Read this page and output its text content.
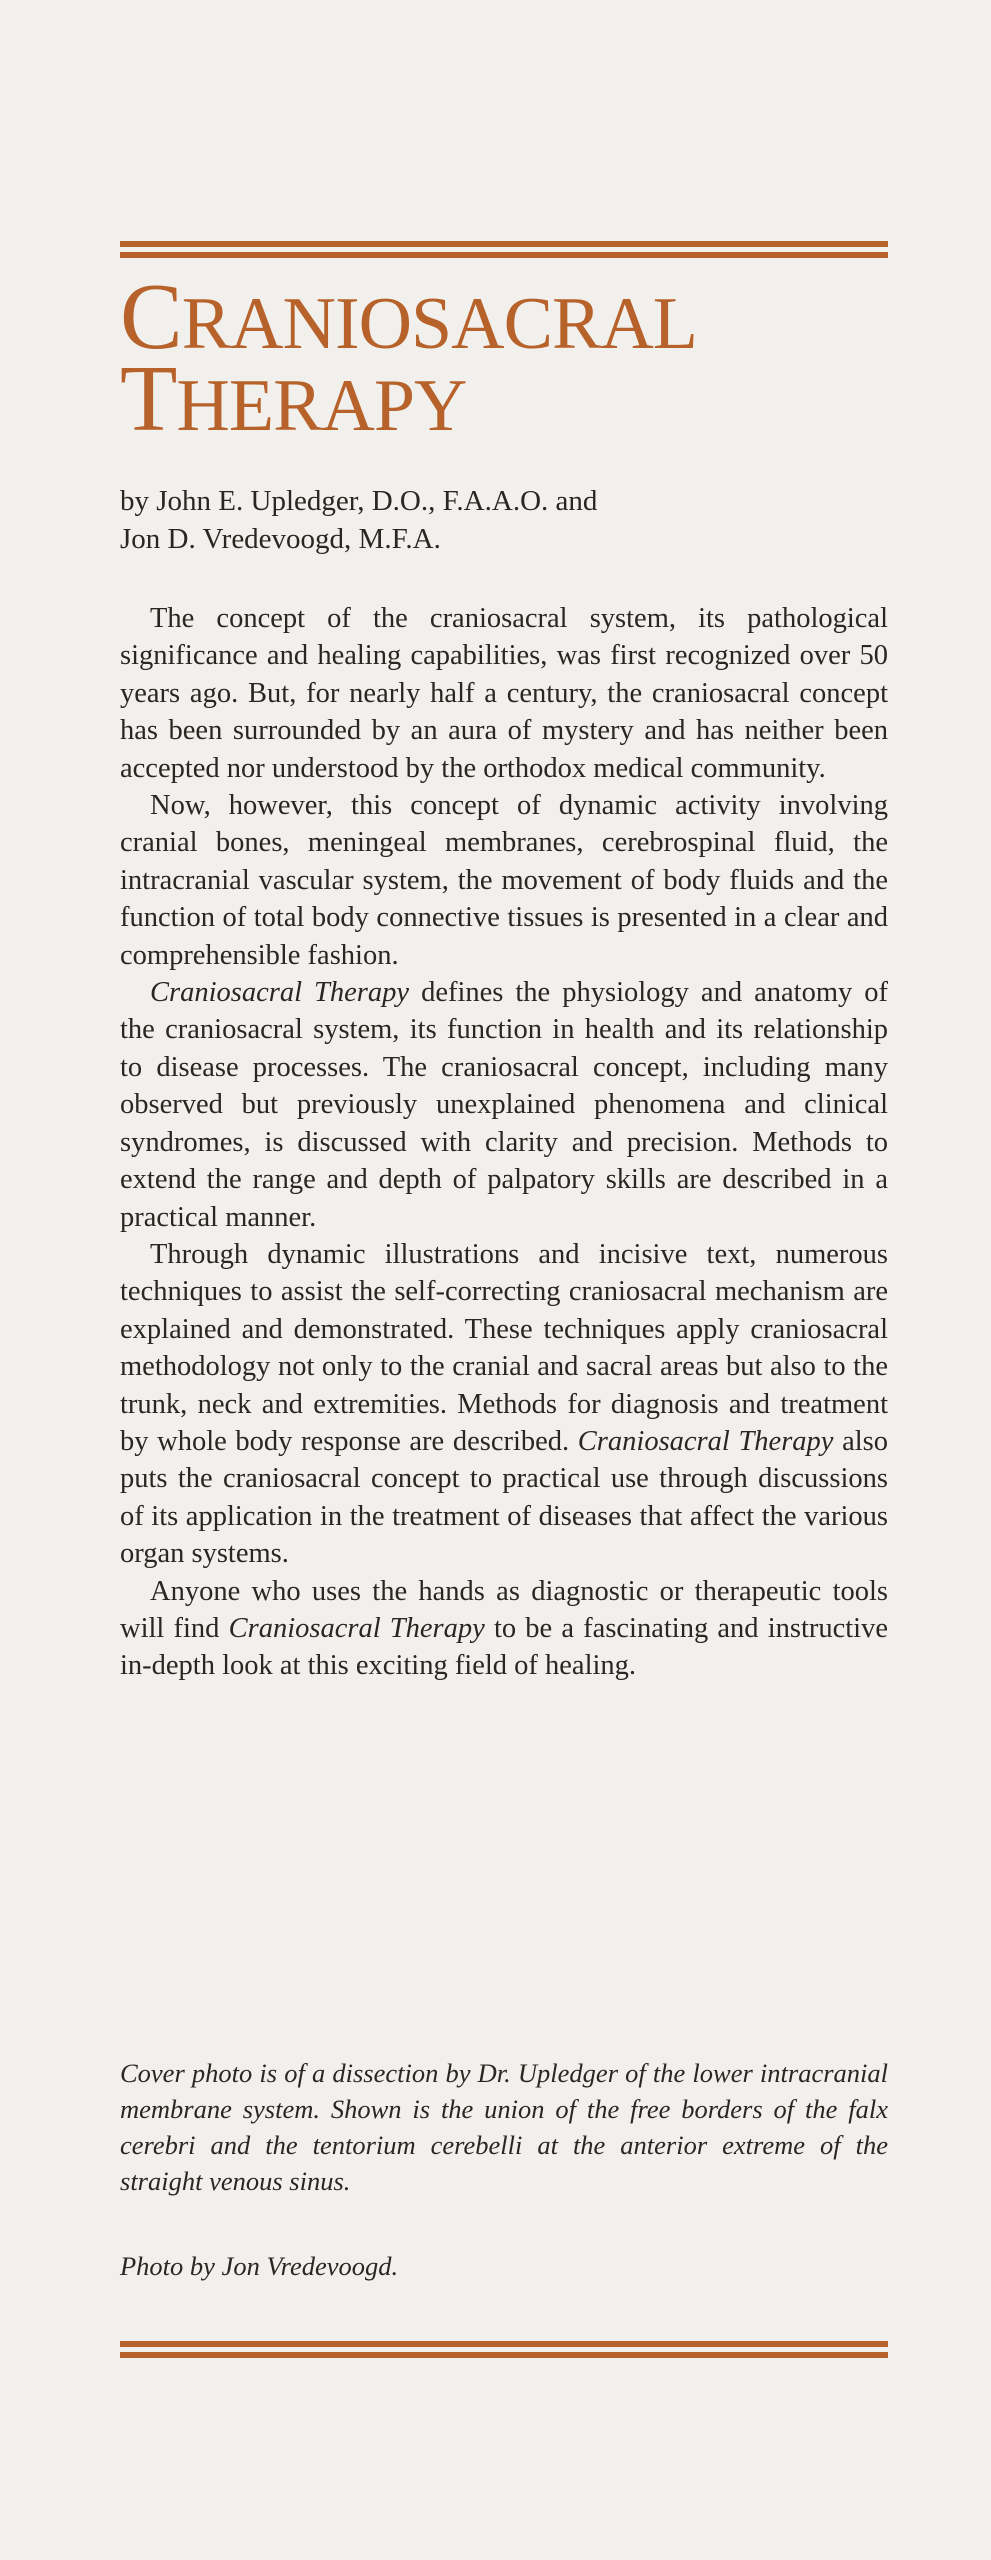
CRANIOSACRAL
THERAPY
by John E. Upledger, D.O., F.A.A.O. and
Jon D. Vredevoogd, M.F.A.

The concept of the craniosacral system, its pathological significance and healing capabilities, was first recognized over 50 years ago. But, for nearly half a century, the craniosacral concept has been surrounded by an aura of mystery and has neither been accepted nor understood by the orthodox medical community.

Now, however, this concept of dynamic activity involving cranial bones, meningeal membranes, cerebrospinal fluid, the intracranial vascular system, the movement of body fluids and the function of total body connective tissues is presented in a clear and comprehensible fashion.

Craniosacral Therapy defines the physiology and anatomy of the craniosacral system, its function in health and its relationship to disease processes. The craniosacral concept, including many observed but previously unexplained phenomena and clinical syndromes, is discussed with clarity and precision. Methods to extend the range and depth of palpatory skills are described in a practical manner.

Through dynamic illustrations and incisive text, numerous techniques to assist the self-correcting craniosacral mechanism are explained and demonstrated. These techniques apply craniosacral methodology not only to the cranial and sacral areas but also to the trunk, neck and extremities. Methods for diagnosis and treatment by whole body response are described. Craniosacral Therapy also puts the craniosacral concept to practical use through discussions of its application in the treatment of diseases that affect the various organ systems.

Anyone who uses the hands as diagnostic or therapeutic tools will find Craniosacral Therapy to be a fascinating and instructive in-depth look at this exciting field of healing.

Cover photo is of a dissection by Dr. Upledger of the lower intracranial membrane system. Shown is the union of the free borders of the falx cerebri and the tentorium cerebelli at the anterior extreme of the straight venous sinus.
Photo by Jon Vredevoogd.
